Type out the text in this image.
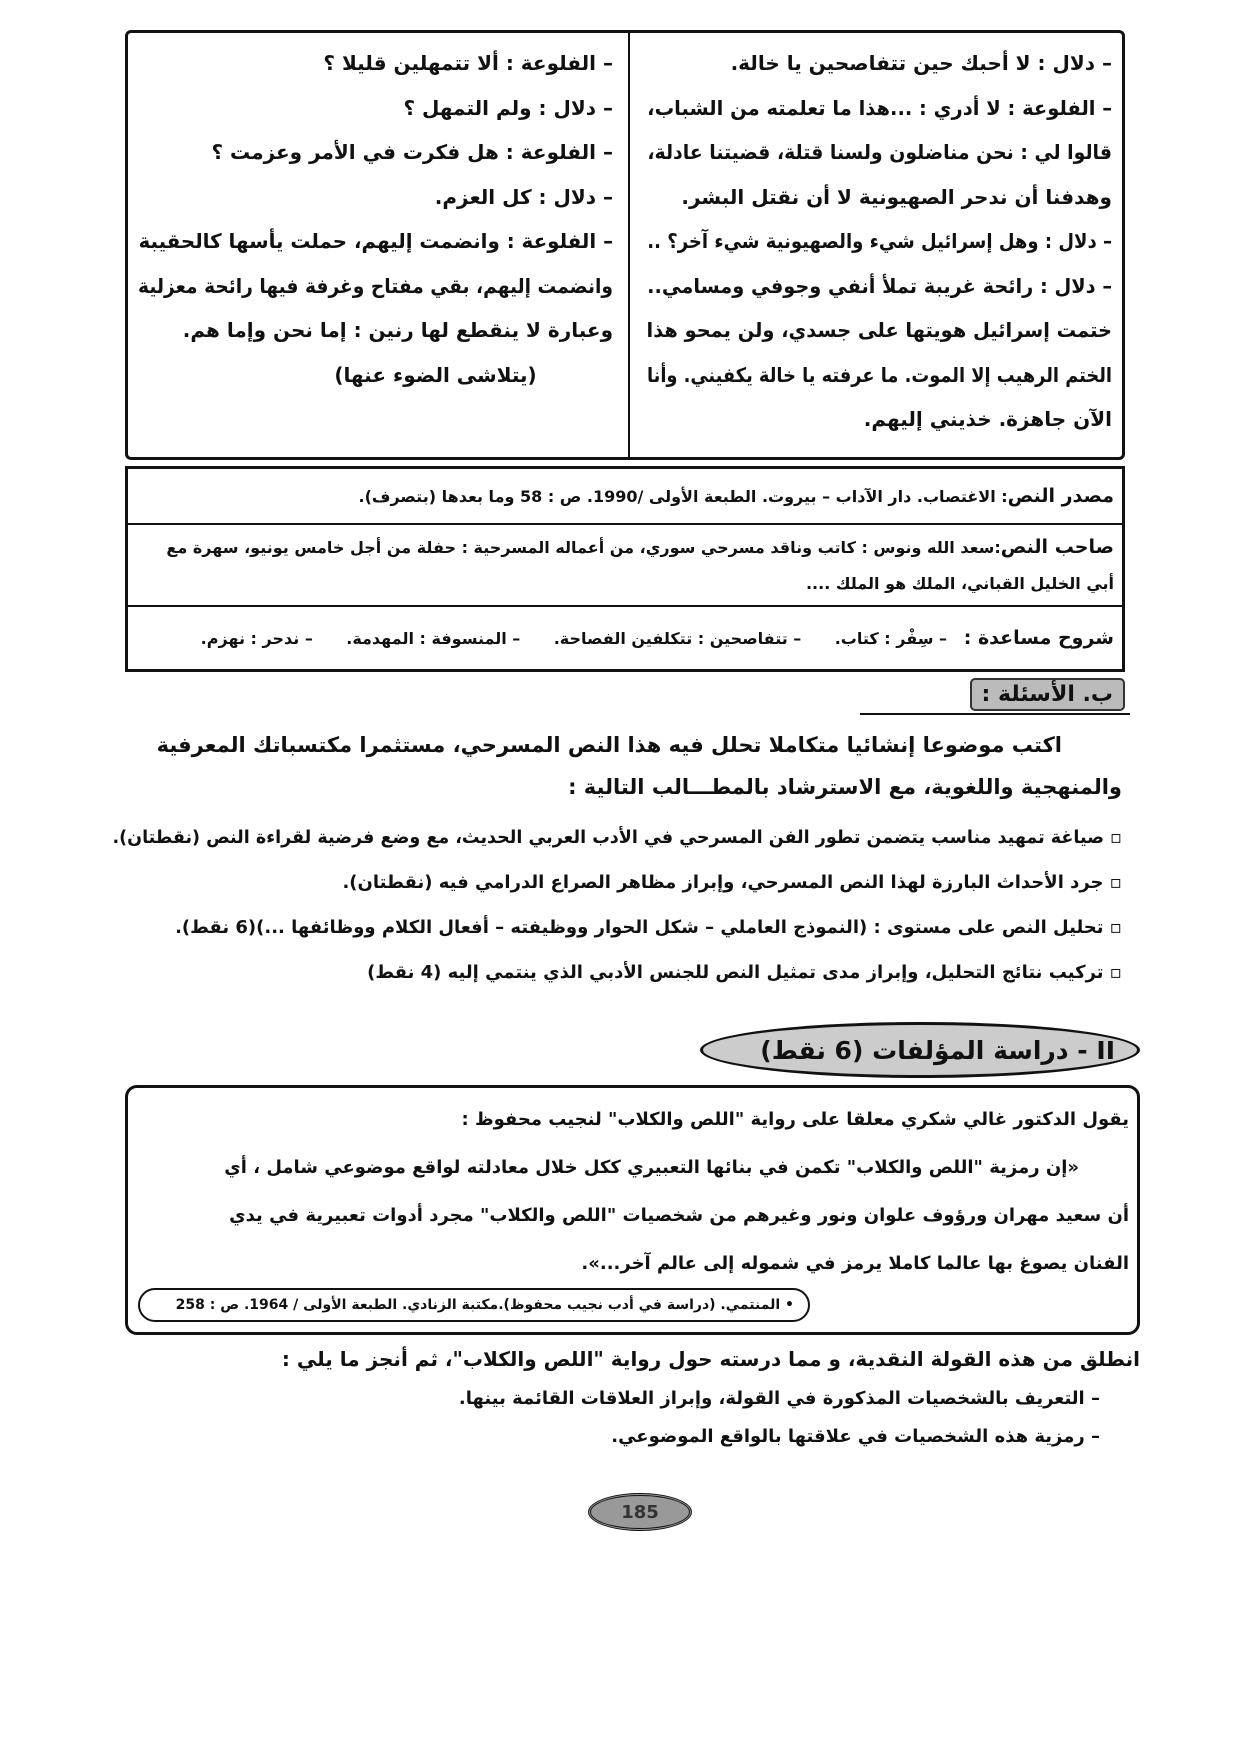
– دلال : لا أحبك حين تتفاصحين يا خالة.
– الفلوعة : لا أدري : ...هذا ما تعلمته من الشباب،
قالوا لي : نحن مناضلون ولسنا قتلة، قضيتنا عادلة،
وهدفنا أن ندحر الصهيونية لا أن نقتل البشر.
– دلال : وهل إسرائيل شيء والصهيونية شيء آخر؟ ..
– دلال : رائحة غريبة تملأ أنفي وجوفي ومسامي..
ختمت إسرائيل هويتها على جسدي، ولن يمحو هذا
الختم الرهيب إلا الموت. ما عرفته يا خالة يكفيني. وأنا
الآن جاهزة. خذيني إليهم.
– الفلوعة : ألا تتمهلين قليلا ؟
– دلال : ولم التمهل ؟
– الفلوعة : هل فكرت في الأمر وعزمت ؟
– دلال : كل العزم.
– الفلوعة : وانضمت إليهم، حملت يأسها كالحقيبة
وانضمت إليهم، بقي مفتاح وغرفة فيها رائحة معزلية
وعبارة لا ينقطع لها رنين : إما نحن وإما هم.
(يتلاشى الضوء عنها)
مصدر النص: الاغتصاب. دار الآداب – بيروت. الطبعة الأولى /1990. ص : 58 وما بعدها (بتصرف).
صاحب النص:سعد الله ونوس : كاتب وناقد مسرحي سوري، من أعماله المسرحية : حفلة من أجل خامس يونيو، سهرة مع أبي الخليل القباني، الملك هو الملك ....
شروح مساعدة :   – سِفْر : كتاب.      – تتفاصحين : تتكلفين الفصاحة.      – المنسوفة : المهدمة.      – ندحر : نهزم.
ب. الأسئلة :
اكتب موضوعا إنشائيا متكاملا تحلل فيه هذا النص المسرحي، مستثمرا مكتسباتك المعرفية
والمنهجية واللغوية، مع الاسترشاد بالمطـــالب التالية :
▫ صياغة تمهيد مناسب يتضمن تطور الفن المسرحي في الأدب العربي الحديث، مع وضع فرضية لقراءة النص (نقطتان).
▫ جرد الأحداث البارزة لهذا النص المسرحي، وإبراز مظاهر الصراع الدرامي فيه (نقطتان).
▫ تحليل النص على مستوى : (النموذج العاملي – شكل الحوار ووظيفته – أفعال الكلام ووظائفها ...)(6 نقط).
▫ تركيب نتائج التحليل، وإبراز مدى تمثيل النص للجنس الأدبي الذي ينتمي إليه (4 نقط)
II - دراسة المؤلفات (6 نقط)
يقول الدكتور غالي شكري معلقا على رواية "اللص والكلاب" لنجيب محفوظ :
«إن رمزية "اللص والكلاب" تكمن في بنائها التعبيري ككل خلال معادلته لواقع موضوعي شامل ، أي
أن سعيد مهران ورؤوف علوان ونور وغيرهم من شخصيات "اللص والكلاب" مجرد أدوات تعبيرية في يدي
الفنان يصوغ بها عالما كاملا يرمز في شموله إلى عالم آخر...».
• المنتمي. (دراسة في أدب نجيب محفوظ).مكتبة الزنادي. الطبعة الأولى / 1964. ص : 258
انطلق من هذه القولة النقدية، و مما درسته حول رواية "اللص والكلاب"، ثم أنجز ما يلي :
– التعريف بالشخصيات المذكورة في القولة، وإبراز العلاقات القائمة بينها.
– رمزية هذه الشخصيات في علاقتها بالواقع الموضوعي.
185
